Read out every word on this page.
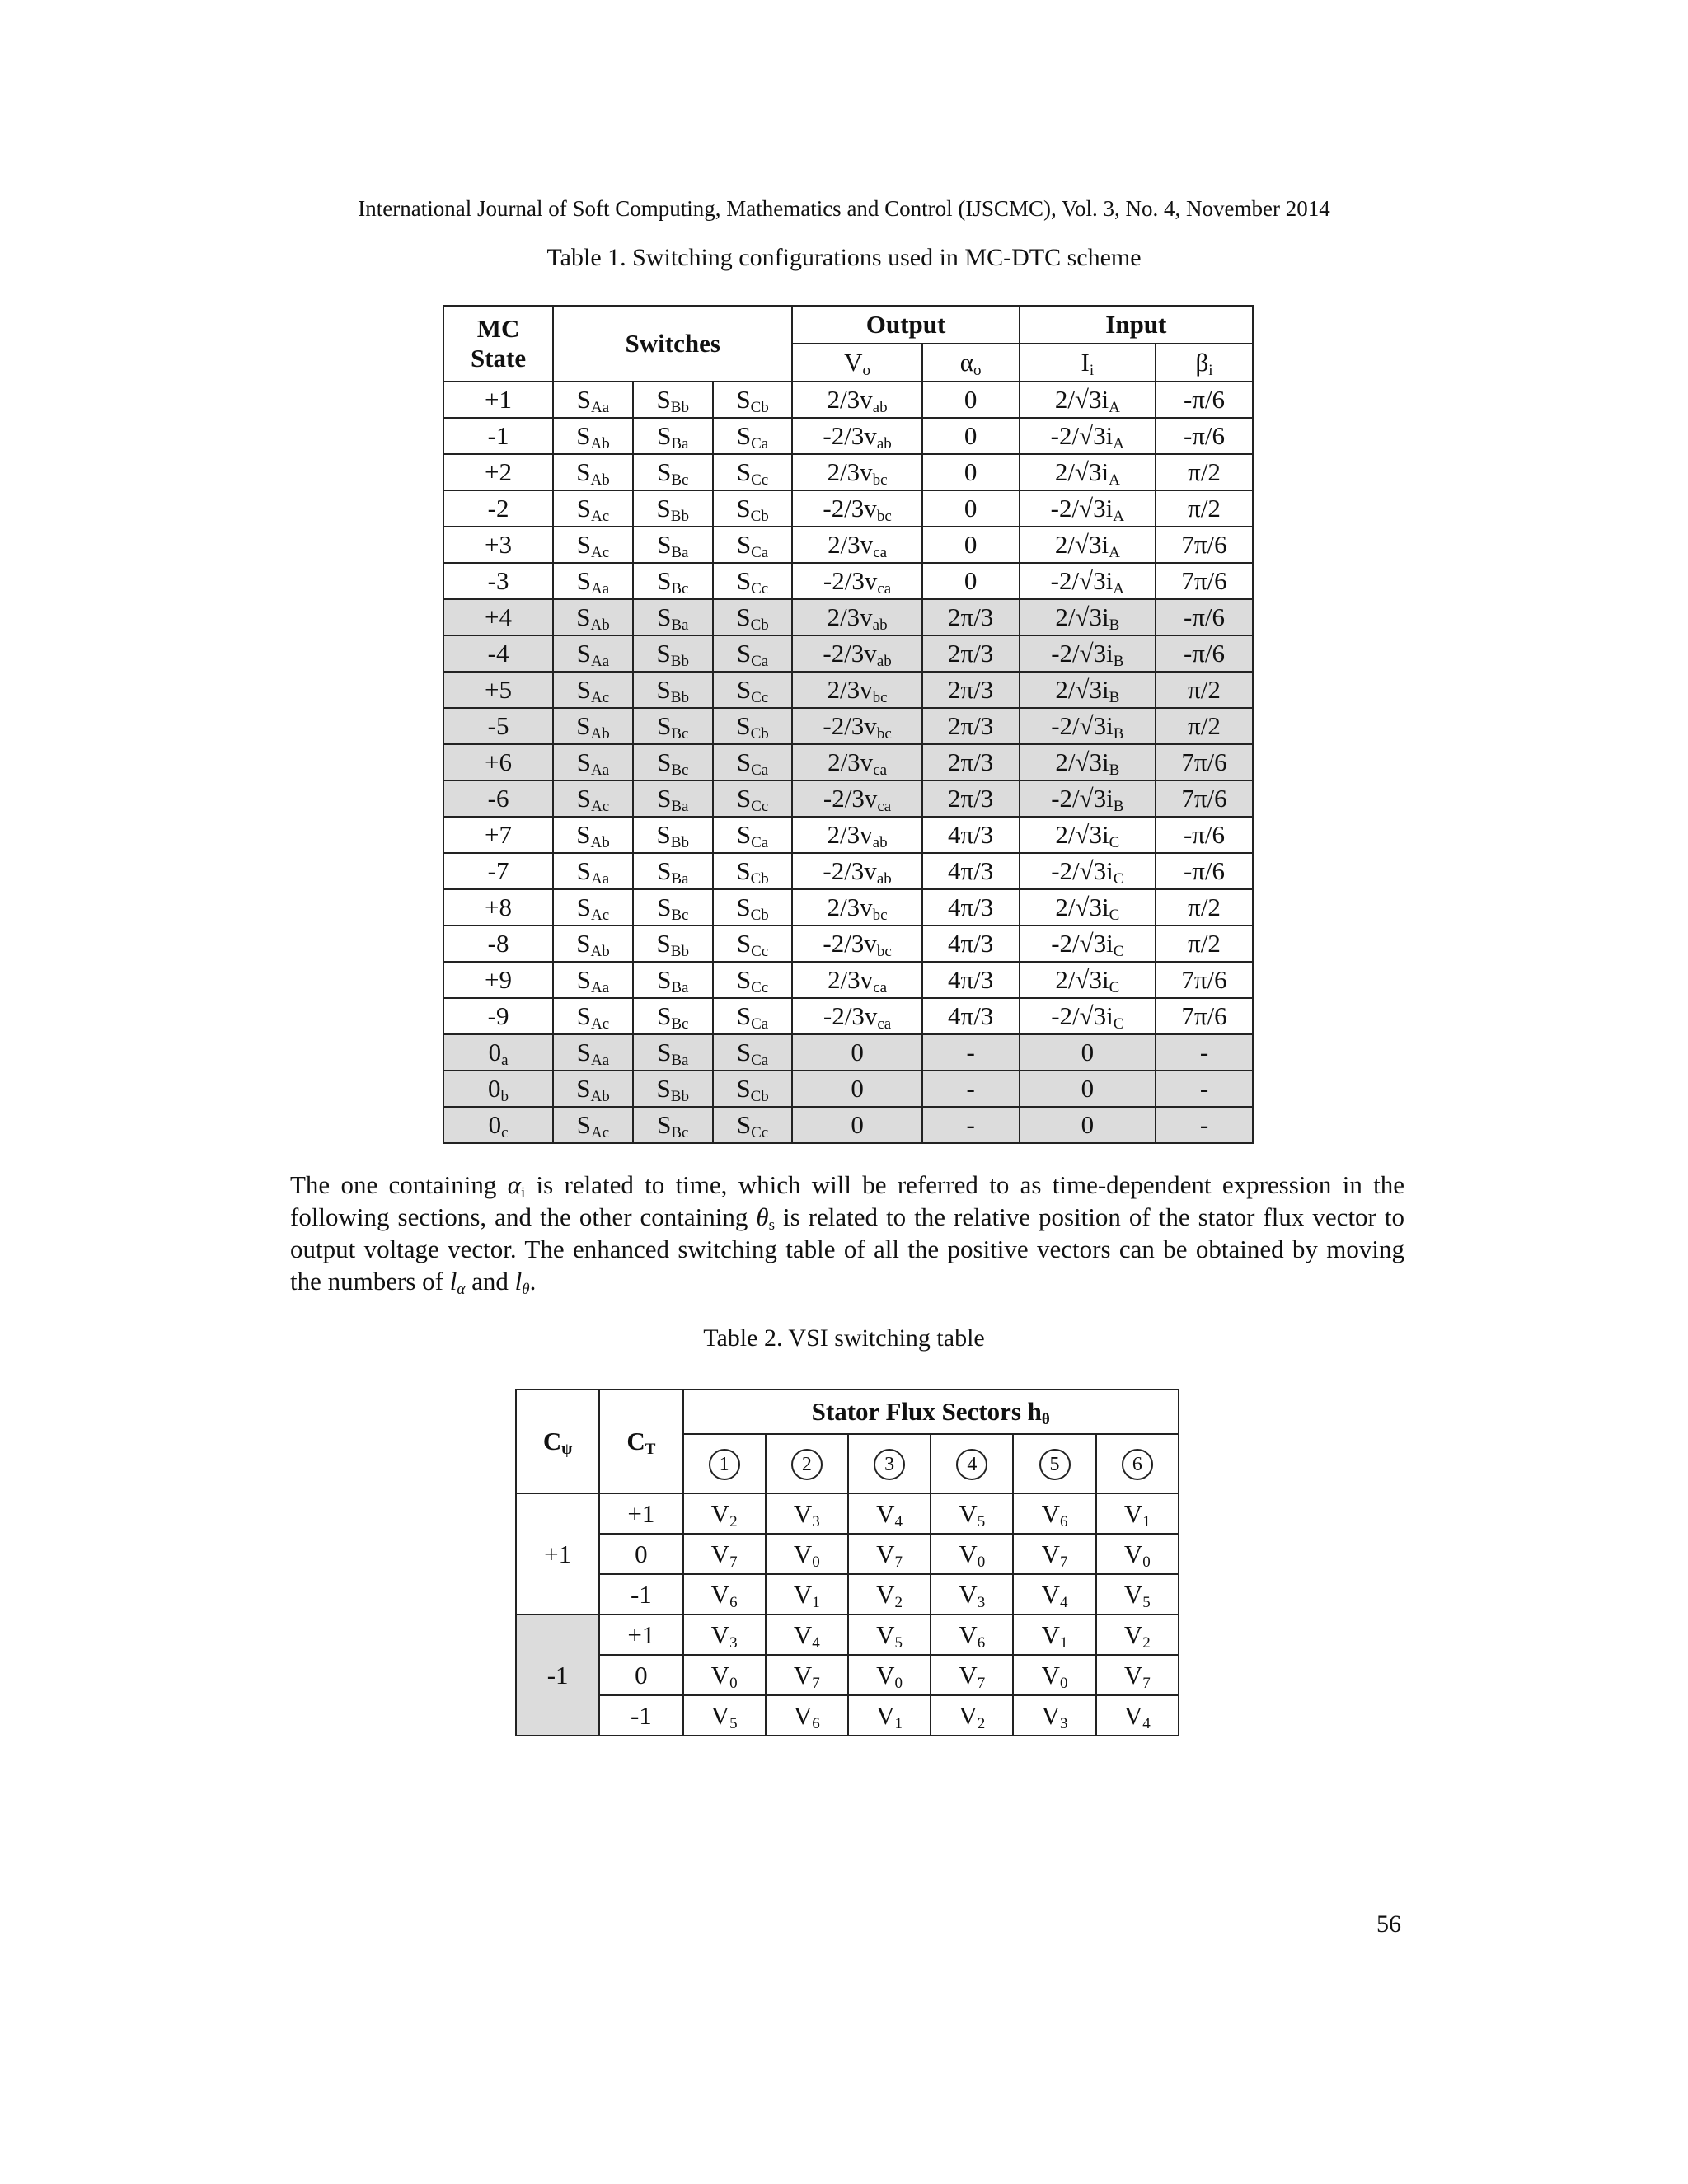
International Journal of Soft Computing, Mathematics and Control (IJSCMC), Vol. 3, No. 4, November 2014
Table 1. Switching configurations used in MC-DTC scheme
MC State	Switches			Output		Input	
				$V_o$	$\alpha_o$	$I_i$	$\beta_i$
+1	$S_{Aa}$	$S_{Bb}$	$S_{Cb}$	$2/3v_{ab}$	0	$2/√3i_A$	-π/6
-1	$S_{Ab}$	$S_{Ba}$	$S_{Ca}$	$-2/3v_{ab}$	0	$-2/√3i_A$	-π/6
+2	$S_{Ab}$	$S_{Bc}$	$S_{Cc}$	$2/3v_{bc}$	0	$2/√3i_A$	π/2
-2	$S_{Ac}$	$S_{Bb}$	$S_{Cb}$	$-2/3v_{bc}$	0	$-2/√3i_A$	π/2
+3	$S_{Ac}$	$S_{Ba}$	$S_{Ca}$	$2/3v_{ca}$	0	$2/√3i_A$	7π/6
-3	$S_{Aa}$	$S_{Bc}$	$S_{Cc}$	$-2/3v_{ca}$	0	$-2/√3i_A$	7π/6
+4	$S_{Ab}$	$S_{Ba}$	$S_{Cb}$	$2/3v_{ab}$	2π/3	$2/√3i_B$	-π/6
-4	$S_{Aa}$	$S_{Bb}$	$S_{Ca}$	$-2/3v_{ab}$	2π/3	$-2/√3i_B$	-π/6
+5	$S_{Ac}$	$S_{Bb}$	$S_{Cc}$	$2/3v_{bc}$	2π/3	$2/√3i_B$	π/2
-5	$S_{Ab}$	$S_{Bc}$	$S_{Cb}$	$-2/3v_{bc}$	2π/3	$-2/√3i_B$	π/2
+6	$S_{Aa}$	$S_{Bc}$	$S_{Ca}$	$2/3v_{ca}$	2π/3	$2/√3i_B$	7π/6
-6	$S_{Ac}$	$S_{Ba}$	$S_{Cc}$	$-2/3v_{ca}$	2π/3	$-2/√3i_B$	7π/6
+7	$S_{Ab}$	$S_{Bb}$	$S_{Ca}$	$2/3v_{ab}$	4π/3	$2/√3i_C$	-π/6
-7	$S_{Aa}$	$S_{Ba}$	$S_{Cb}$	$-2/3v_{ab}$	4π/3	$-2/√3i_C$	-π/6
+8	$S_{Ac}$	$S_{Bc}$	$S_{Cb}$	$2/3v_{bc}$	4π/3	$2/√3i_C$	π/2
-8	$S_{Ab}$	$S_{Bb}$	$S_{Cc}$	$-2/3v_{bc}$	4π/3	$-2/√3i_C$	π/2
+9	$S_{Aa}$	$S_{Ba}$	$S_{Cc}$	$2/3v_{ca}$	4π/3	$2/√3i_C$	7π/6
-9	$S_{Ac}$	$S_{Bc}$	$S_{Ca}$	$-2/3v_{ca}$	4π/3	$-2/√3i_C$	7π/6
$0_a$	$S_{Aa}$	$S_{Ba}$	$S_{Ca}$	0	-	0	-
$0_b$	$S_{Ab}$	$S_{Bb}$	$S_{Cb}$	0	-	0	-
$0_c$	$S_{Ac}$	$S_{Bc}$	$S_{Cc}$	0	-	0	-
The one containing $\alpha_i$ is related to time, which will be referred to as time-dependent expression in the following sections, and the other containing $\theta_s$ is related to the relative position of the stator flux vector to output voltage vector. The enhanced switching table of all the positive vectors can be obtained by moving the numbers of $l_\alpha$ and $l_\theta$.
Table 2. VSI switching table
$C_\psi$	$C_T$	Stator Flux Sectors $h_\theta$
		1	2	3	4	5	6
+1	+1	$V_2$	$V_3$	$V_4$	$V_5$	$V_6$	$V_1$
	0	$V_7$	$V_0$	$V_7$	$V_0$	$V_7$	$V_0$
	-1	$V_6$	$V_1$	$V_2$	$V_3$	$V_4$	$V_5$
-1	+1	$V_3$	$V_4$	$V_5$	$V_6$	$V_1$	$V_2$
	0	$V_0$	$V_7$	$V_0$	$V_7$	$V_0$	$V_7$
	-1	$V_5$	$V_6$	$V_1$	$V_2$	$V_3$	$V_4$
56
